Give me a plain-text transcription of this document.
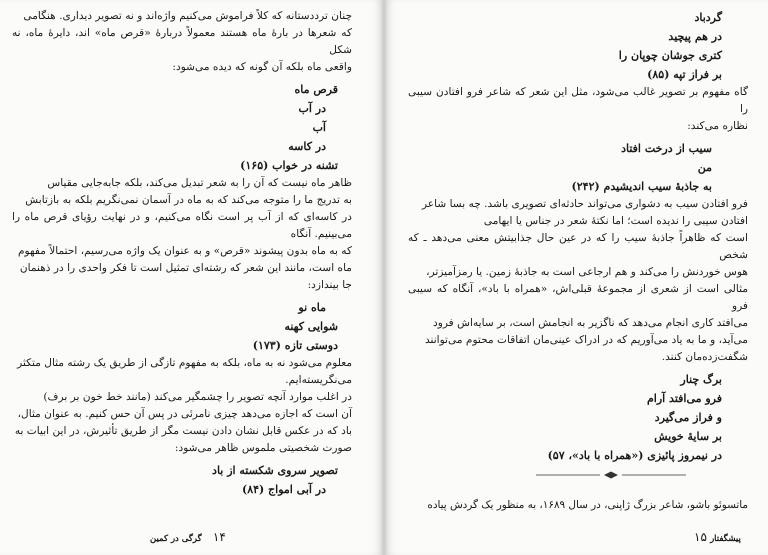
چنان ترددستانه که کلاً فراموش می‌کنیم واژه‌اند و نه تصویر دیداری. هنگامی
که شعرها در بارهٔ ماه هستند معمولاً دربارهٔ «قرص ماه» اند، دایرهٔ ماه، نه شکل
واقعی ماه بلکه آن گونه که دیده می‌شود:
قرص ماه
در آب
آب
در کاسه
تشنه در خواب (۱۶۵)
ظاهر ماه نیست که آن را به شعر تبدیل می‌کند، بلکه جابه‌جایی مقیاس
به تدریج ما را متوجه می‌کند که به ماه در آسمان نمی‌نگریم بلکه به بازتابش
در کاسه‌ای که از آب پر است نگاه می‌کنیم، و در نهایت رؤیای قرص ماه را می‌بینیم. آنگاه
که به ماه بدون پیشوند «قرص» و به عنوان یک واژه می‌رسیم، احتمالاً مفهوم
ماه است، مانند این شعر که رشته‌ای تمثیل است تا فکر واحدی را در ذهنمان
جا بیندازد:
ماه نو
شوایی کهنه
دوستی تازه (۱۷۳)
معلوم می‌شود نه به ماه، بلکه به مفهوم تازگی از طریق یک رشته مثال متکثر
می‌نگریسته‌ایم.
در اغلب موارد آنچه تصویر را چشمگیر می‌کند (مانند خط خون بر برف)
آن است که اجازه می‌دهد چیزی نامرئی در پس آن حس کنیم. به عنوان مثال،
باد که در عکس قابل نشان دادن نیست مگر از طریق تأثیرش، در این ابیات به
صورت شخصیتی ملموس ظاهر می‌شود:
تصویر سروی شکسته از باد
در آبی امواج (۸۴)
۱۴ گرگی در کمین
گردباد
در هم پیچید
کتری جوشان چوپان را
بر فراز تپه (۸۵)
گاه مفهوم بر تصویر غالب می‌شود، مثل این شعر که شاعر فرو افتادن سیبی را
نظاره می‌کند:
سیب از درخت افتاد
من
به جاذبهٔ سیب اندیشیدم (۲۴۲)
فرو افتادن سیب به دشواری می‌تواند حادثه‌ای تصویری باشد. چه بسا شاعر
افتادن سیبی را ندیده است؛ اما نکتهٔ شعر در جناس یا ایهامی
است که ظاهراً جاذبهٔ سیب را که در عین حال جذابیتش معنی می‌دهد ـ که شخص
هوس خوردنش را می‌کند و هم ارجاعی است به جاذبهٔ زمین. یا رمزآمیزتر،
مثالی است از شعری از مجموعهٔ قبلی‌اش، «همراه با باد»، آنگاه که سیبی فرو
می‌افتد کاری انجام می‌دهد که ناگزیر به انجامش است، بر سایه‌اش فرود
می‌آید، و ما به یاد می‌آوریم که در ادراک عینی‌مان اتفاقات محتوم می‌توانند
شگفت‌زده‌مان کنند.
برگ چنار
فرو می‌افتد آرام
و فراز می‌گیرد
بر سایهٔ خویش
در نیمروز پائیزی («همراه با باد»، ۵۷)
ماتسوئو باشو، شاعر بزرگ ژاپنی، در سال ۱۶۸۹، به منظور یک گردش پیاده
پیشگفتار ۱۵
